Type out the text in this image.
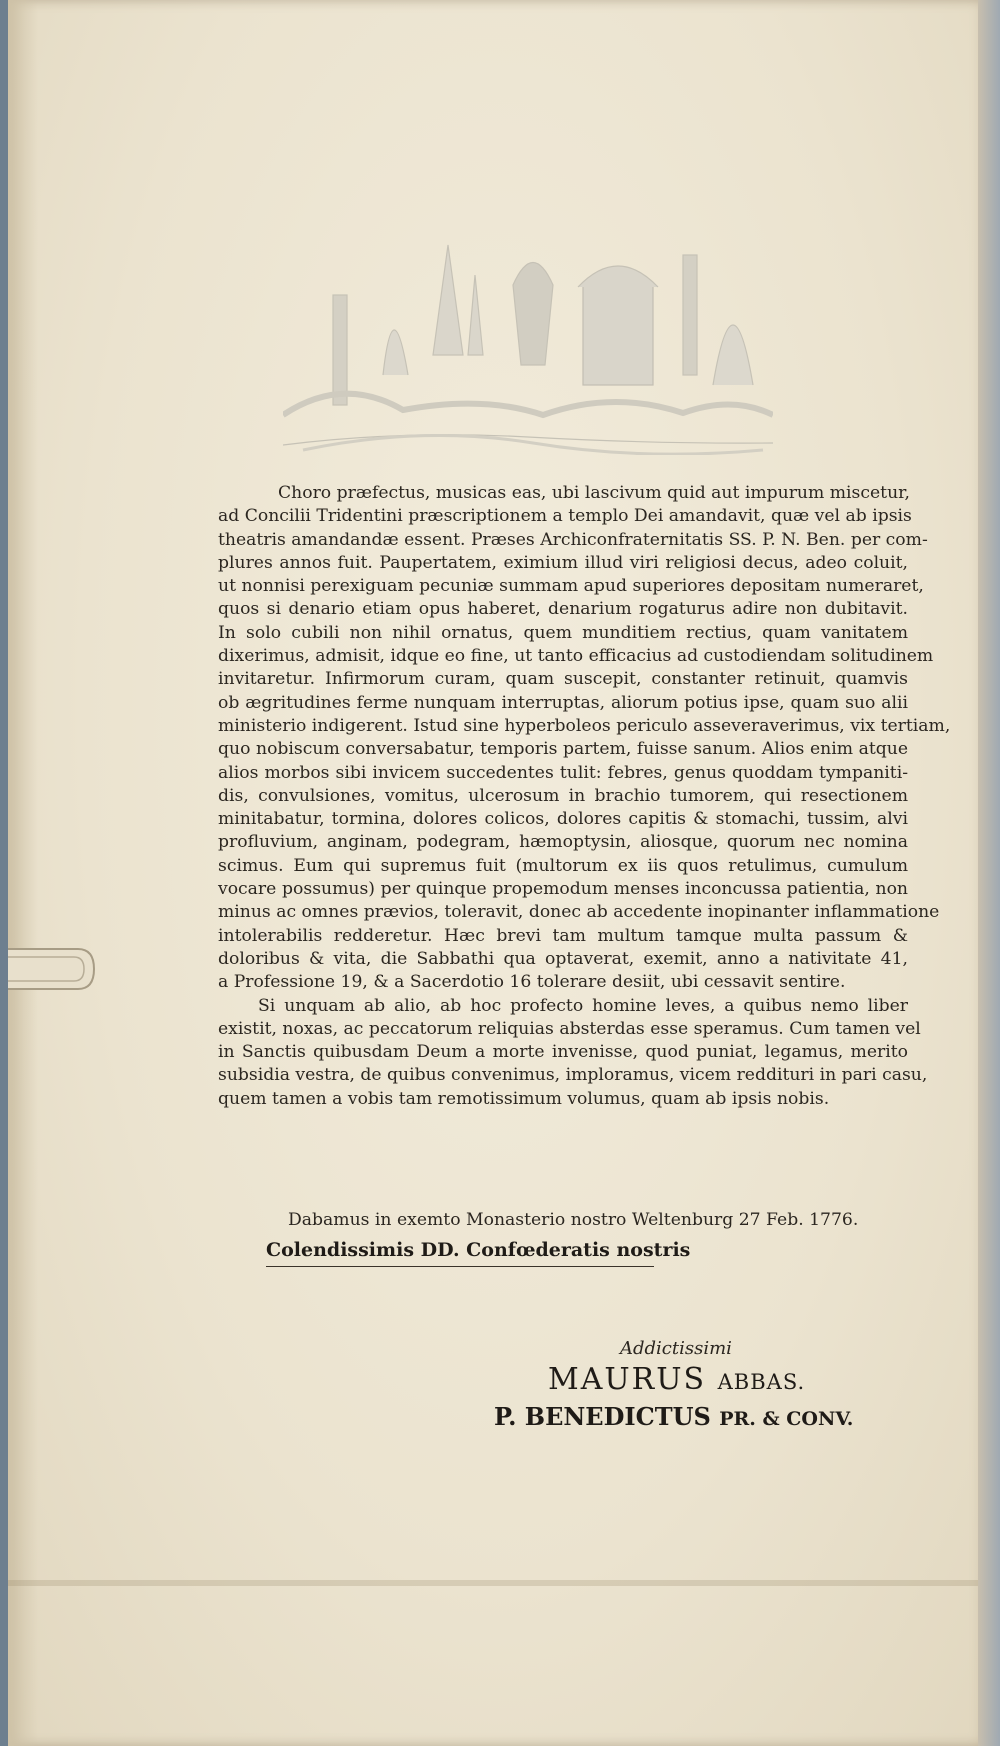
Choro præfectus, musicas eas, ubi lascivum quid aut impurum miscetur,
ad Concilii Tridentini præscriptionem a templo Dei amandavit, quæ vel ab ipsis
theatris amandandæ essent. Præses Archiconfraternitatis SS. P. N. Ben. per com-
plures annos fuit. Paupertatem, eximium illud viri religiosi decus, adeo coluit,
ut nonnisi perexiguam pecuniæ summam apud superiores depositam numeraret,
quos si denario etiam opus haberet, denarium rogaturus adire non dubitavit.
In solo cubili non nihil ornatus, quem munditiem rectius, quam vanitatem
dixerimus, admisit, idque eo fine, ut tanto efficacius ad custodiendam solitudinem
invitaretur. Infirmorum curam, quam suscepit, constanter retinuit, quamvis
ob ægritudines ferme nunquam interruptas, aliorum potius ipse, quam suo alii
ministerio indigerent. Istud sine hyperboleos periculo asseveraverimus, vix tertiam,
quo nobiscum conversabatur, temporis partem, fuisse sanum. Alios enim atque
alios morbos sibi invicem succedentes tulit: febres, genus quoddam tympaniti-
dis, convulsiones, vomitus, ulcerosum in brachio tumorem, qui resectionem
minitabatur, tormina, dolores colicos, dolores capitis & stomachi, tussim, alvi
profluvium, anginam, podegram, hæmoptysin, aliosque, quorum nec nomina
scimus. Eum qui supremus fuit (multorum ex iis quos retulimus, cumulum
vocare possumus) per quinque propemodum menses inconcussa patientia, non
minus ac omnes prævios, toleravit, donec ab accedente inopinanter inflammatione
intolerabilis redderetur. Hæc brevi tam multum tamque multa passum &
doloribus & vita, die Sabbathi qua optaverat, exemit, anno a nativitate 41,
a Professione 19, & a Sacerdotio 16 tolerare desiit, ubi cessavit sentire.
Si unquam ab alio, ab hoc profecto homine leves, a quibus nemo liber
existit, noxas, ac peccatorum reliquias absterdas esse speramus. Cum tamen vel
in Sanctis quibusdam Deum a morte invenisse, quod puniat, legamus, merito
subsidia vestra, de quibus convenimus, imploramus, vicem redditurі in pari casu,
quem tamen a vobis tam remotissimum volumus, quam ab ipsis nobis.
Dabamus in exemto Monasterio nostro Weltenburg 27 Feb. 1776.
Colendissimis DD. Confœderatis nostris
Addictissimi
MAURUS ABBAS.
P. BENEDICTUS PR. & CONV.
